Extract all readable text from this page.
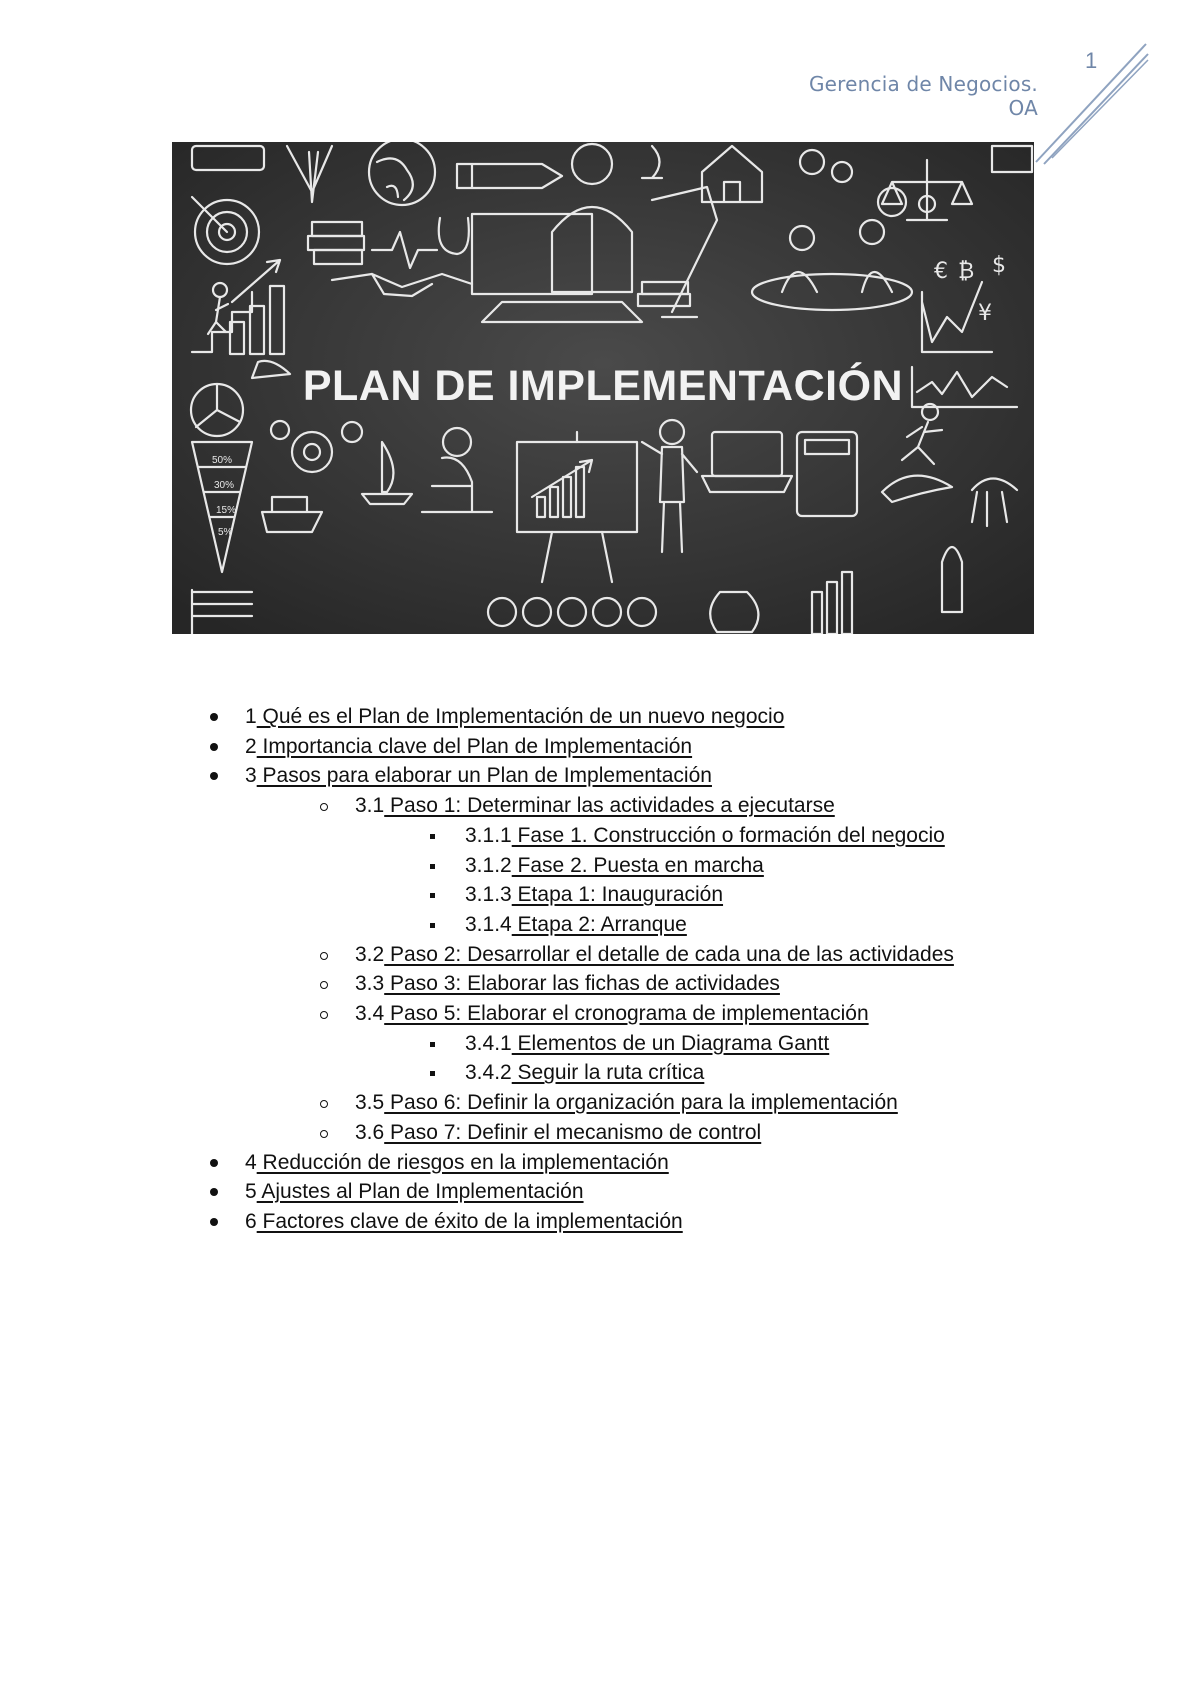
1
Gerencia de Negocios. OA
50%
30%
15%
5%
€ ₿ $
¥
PLAN DE IMPLEMENTACIÓN
1 Qué es el Plan de Implementación de un nuevo negocio
2 Importancia clave del Plan de Implementación
3 Pasos para elaborar un Plan de Implementación
3.1 Paso 1: Determinar las actividades a ejecutarse
3.1.1 Fase 1. Construcción o formación del negocio
3.1.2 Fase 2. Puesta en marcha
3.1.3 Etapa 1: Inauguración
3.1.4 Etapa 2: Arranque
3.2 Paso 2: Desarrollar el detalle de cada una de las actividades
3.3 Paso 3: Elaborar las fichas de actividades
3.4 Paso 5: Elaborar el cronograma de implementación
3.4.1 Elementos de un Diagrama Gantt
3.4.2 Seguir la ruta crítica
3.5 Paso 6: Definir la organización para la implementación
3.6 Paso 7: Definir el mecanismo de control
4 Reducción de riesgos en la implementación
5 Ajustes al Plan de Implementación
6 Factores clave de éxito de la implementación
